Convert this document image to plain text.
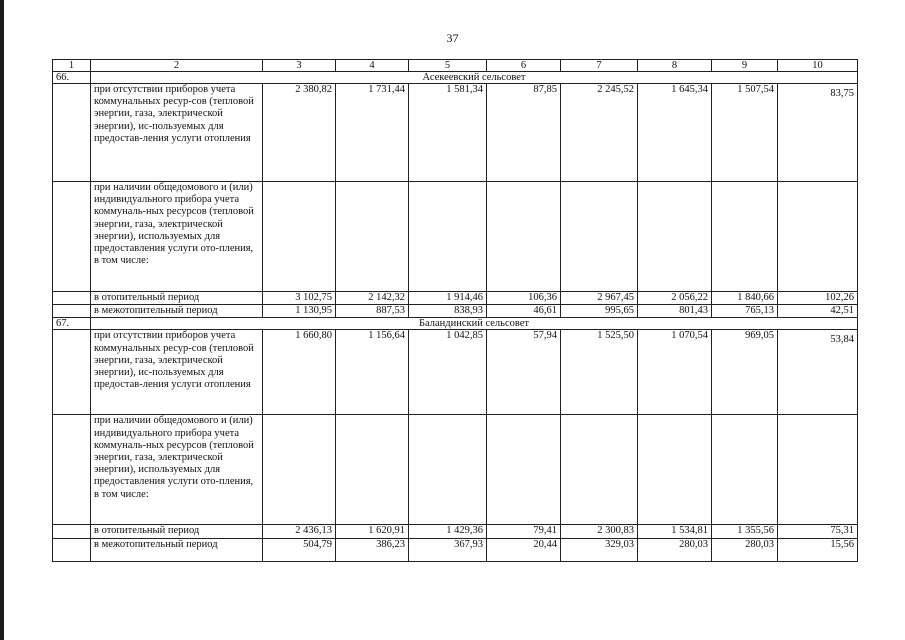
37
1	2	3	4	5	6	7	8	9	10
66.	Асекеевский сельсовет								
	при отсутствии приборов учета коммунальных ресур-сов (тепловой энергии, газа, электрической энергии), ис-пользуемых для предостав-ления услуги отопления	2 380,82	1 731,44	1 581,34	87,85	2 245,52	1 645,34	1 507,54	83,75
	при наличии общедомового и (или) индивидуального прибора учета коммуналь-ных ресурсов (тепловой энергии, газа, электрической энергии), используемых для предоставления услуги ото-пления, в том числе:								
	в отопительный период	3 102,75	2 142,32	1 914,46	106,36	2 967,45	2 056,22	1 840,66	102,26
	в межотопительный период	1 130,95	887,53	838,93	46,61	995,65	801,43	765,13	42,51
67.	Баландинский сельсовет								
	при отсутствии приборов учета коммунальных ресур-сов (тепловой энергии, газа, электрической энергии), ис-пользуемых для предостав-ления услуги отопления	1 660,80	1 156,64	1 042,85	57,94	1 525,50	1 070,54	969,05	53,84
	при наличии общедомового и (или) индивидуального прибора учета коммуналь-ных ресурсов (тепловой энергии, газа, электрической энергии), используемых для предоставления услуги ото-пления, в том числе:								
	в отопительный период	2 436,13	1 620,91	1 429,36	79,41	2 300,83	1 534,81	1 355,56	75,31
	в межотопительный период	504,79	386,23	367,93	20,44	329,03	280,03	280,03	15,56
